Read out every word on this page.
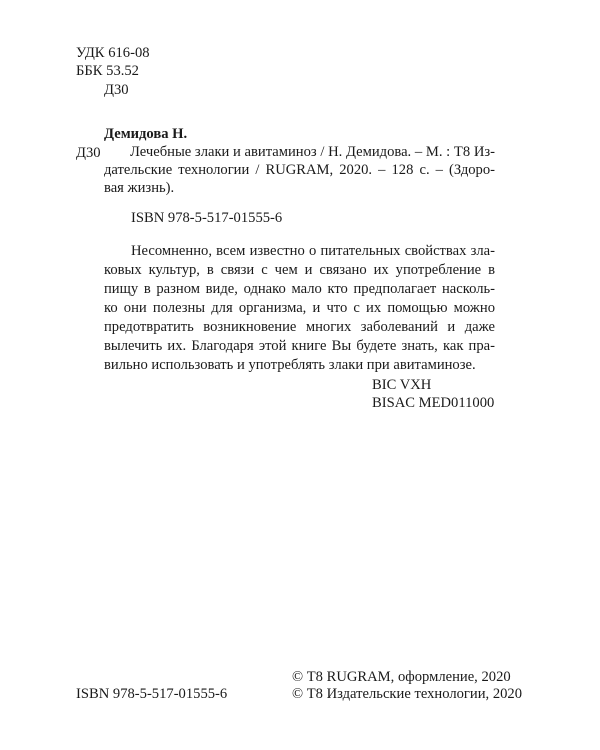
УДК 616-08
ББК 53.52
Д30
Демидова Н.
Д30 Лечебные злаки и авитаминоз / Н. Демидова. – М. : Т8 Из-
дательские технологии / RUGRAM, 2020. – 128 с. – (Здоро-
вая жизнь).
ISBN 978-5-517-01555-6
Несомненно, всем известно о питательных свойствах зла-
ковых культур, в связи с чем и связано их употребление в
пищу в разном виде, однако мало кто предполагает насколь-
ко они полезны для организма, и что с их помощью можно
предотвратить возникновение многих заболеваний и даже
вылечить их. Благодаря этой книге Вы будете знать, как пра-
вильно использовать и употреблять злаки при авитаминозе.
BIC VXH
BISAC MED011000
© Т8 RUGRAM, оформление, 2020
ISBN 978-5-517-01555-6	© Т8 Издательские технологии, 2020
